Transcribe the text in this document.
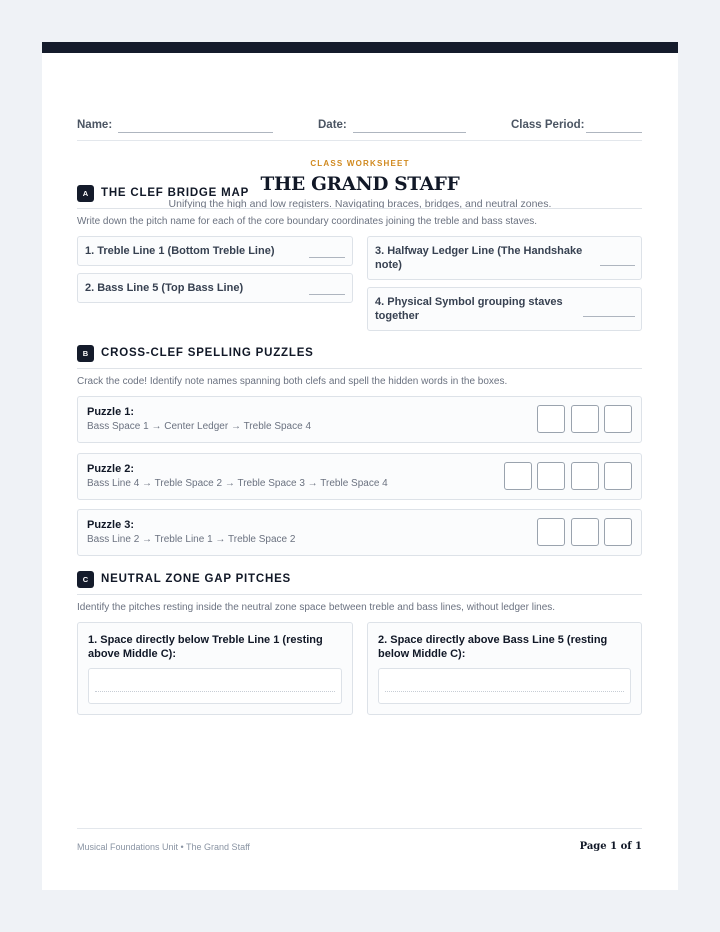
Name:	Date:	Class Period:
CLASS WORKSHEET
THE GRAND STAFF
Unifying the high and low registers. Navigating braces, bridges, and neutral zones.
A	THE CLEF BRIDGE MAP
Write down the pitch name for each of the core boundary coordinates joining the treble and bass staves.
1. Treble Line 1 (Bottom Treble Line)
2. Bass Line 5 (Top Bass Line)
3. Halfway Ledger Line (The Handshake note)
4. Physical Symbol grouping staves together
B	CROSS-CLEF SPELLING PUZZLES
Crack the code! Identify note names spanning both clefs and spell the hidden words in the boxes.
Puzzle 1:
Bass Space 1 → Center Ledger → Treble Space 4
Puzzle 2:
Bass Line 4 → Treble Space 2 → Treble Space 3 → Treble Space 4
Puzzle 3:
Bass Line 2 → Treble Line 1 → Treble Space 2
C	NEUTRAL ZONE GAP PITCHES
Identify the pitches resting inside the neutral zone space between treble and bass lines, without ledger lines.
1. Space directly below Treble Line 1 (resting above Middle C):
2. Space directly above Bass Line 5 (resting below Middle C):
Musical Foundations Unit • The Grand Staff	Page 1 of 1
